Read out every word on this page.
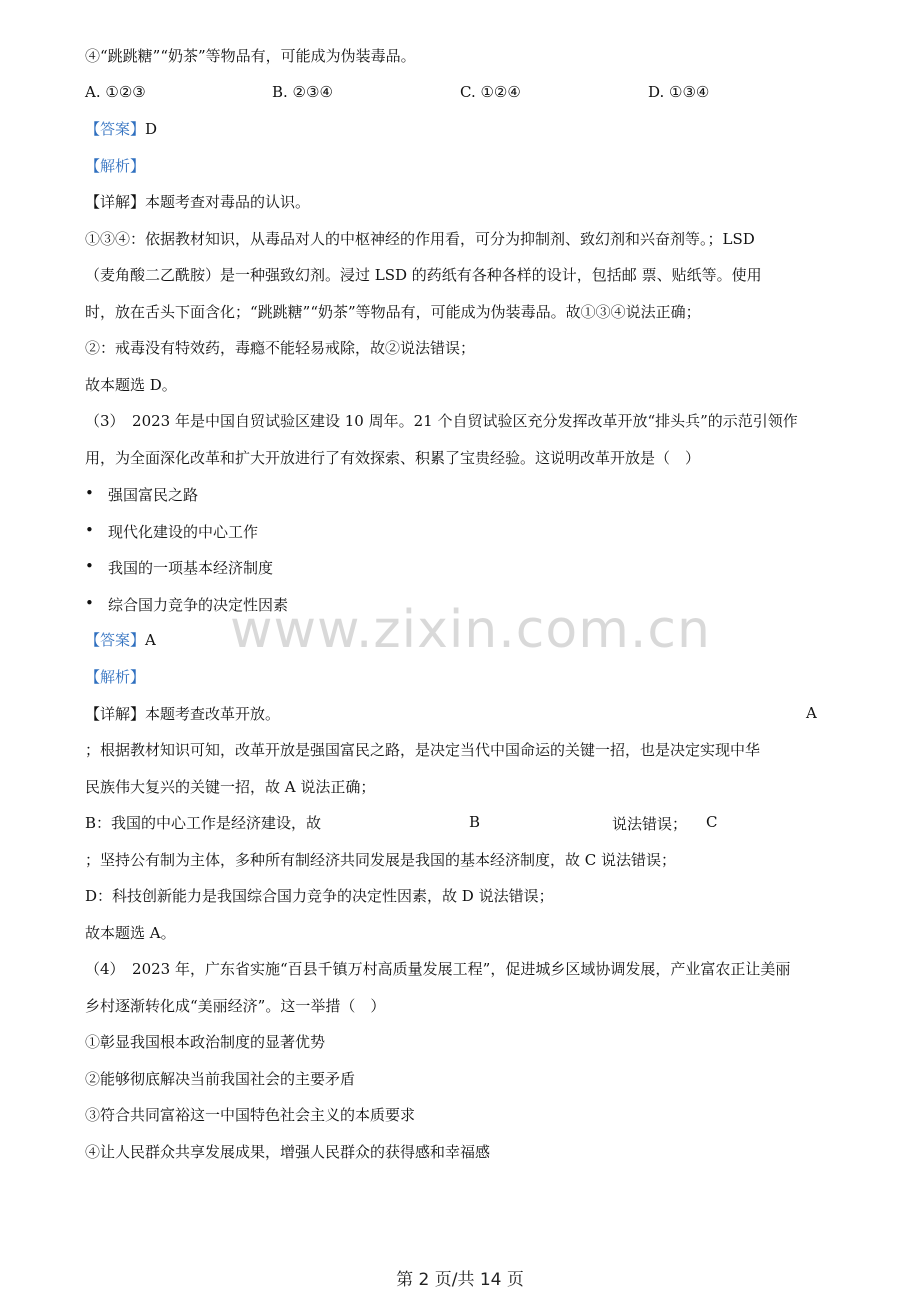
④“跳跳糖”“奶茶”等物品有，可能成为伪装毒品。
A. ①②③	B. ②③④	C. ①②④	D. ①③④
【答案】D
【解析】
【详解】本题考查对毒品的认识。
①③④：依据教材知识，从毒品对人的中枢神经的作用看，可分为抑制剂、致幻剂和兴奋剂等。；LSD
（麦角酸二乙酰胺）是一种强致幻剂。浸过 LSD 的药纸有各种各样的设计，包括邮 票、贴纸等。使用
时，放在舌头下面含化；“跳跳糖”“奶茶”等物品有，可能成为伪装毒品。故①③④说法正确；
②：戒毒没有特效药，毒瘾不能轻易戒除，故②说法错误；
故本题选 D。
（3）　2023 年是中国自贸试验区建设 10 周年。21 个自贸试验区充分发挥改革开放“排头兵”的示范引领作
用，为全面深化改革和扩大开放进行了有效探索、积累了宝贵经验。这说明改革开放是（　）
• 强国富民之路
• 现代化建设的中心工作
• 我国的一项基本经济制度
• 综合国力竞争的决定性因素
【答案】A
【解析】
【详解】本题考查改革开放。	A
；根据教材知识可知，改革开放是强国富民之路，是决定当代中国命运的关键一招，也是决定实现中华
民族伟大复兴的关键一招，故 A 说法正确；
B：我国的中心工作是经济建设，故	B	说法错误； C
；坚持公有制为主体，多种所有制经济共同发展是我国的基本经济制度，故 C 说法错误；
D：科技创新能力是我国综合国力竞争的决定性因素，故 D 说法错误；
故本题选 A。
（4）　2023 年，广东省实施“百县千镇万村高质量发展工程”，促进城乡区域协调发展，产业富农正让美丽
乡村逐渐转化成“美丽经济”。这一举措（　）
①彰显我国根本政治制度的显著优势
②能够彻底解决当前我国社会的主要矛盾
③符合共同富裕这一中国特色社会主义的本质要求
④让人民群众共享发展成果，增强人民群众的获得感和幸福感
www.zixin.com.cn
第 2 页/共 14 页
